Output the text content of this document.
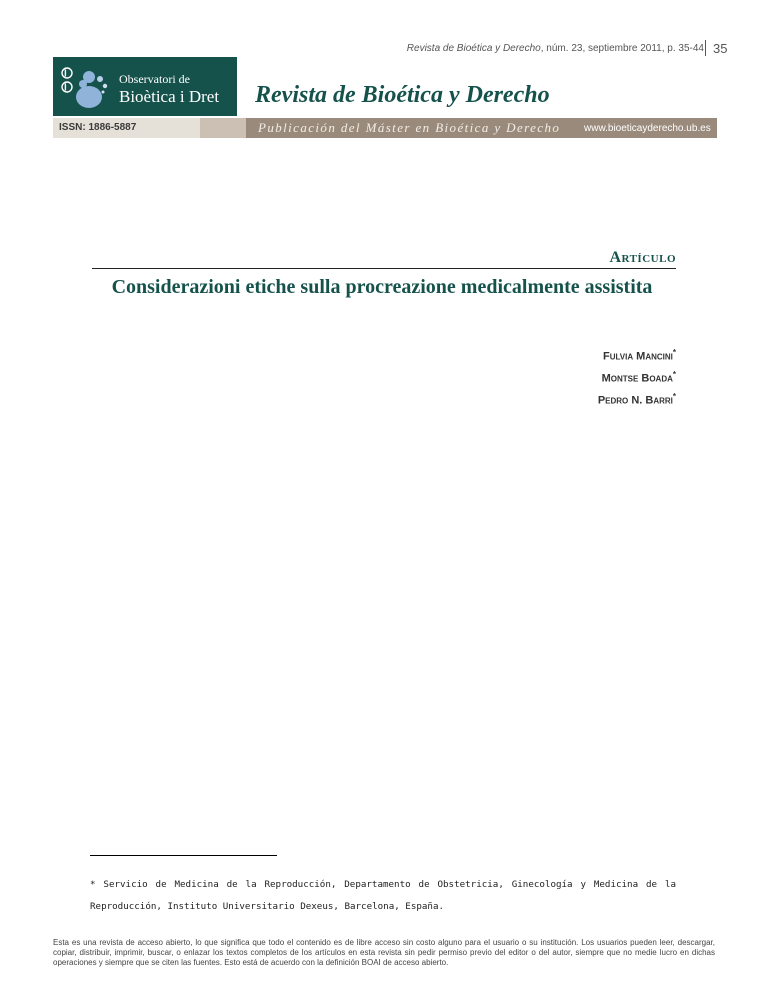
Revista de Bioética y Derecho, núm. 23, septiembre 2011, p. 35-44 35
Observatori de
Bioètica i Dret Revista de Bioética y Derecho
ISSN: 1886-5887	Publicación del Máster en Bioética y Derecho www.bioeticayderecho.ub.es
Artículo
Considerazioni etiche sulla procreazione medicalmente assistita
Fulvia Mancini*
Montse Boada*
Pedro N. Barri*
* Servicio de Medicina de la Reproducción, Departamento de Obstetricia, Ginecología y Medicina de la Reproducción, Instituto Universitario Dexeus, Barcelona, España.
Esta es una revista de acceso abierto, lo que significa que todo el contenido es de libre acceso sin costo alguno para el usuario o su institución. Los usuarios pueden leer, descargar, copiar, distribuir, imprimir, buscar, o enlazar los textos completos de los artículos en esta revista sin pedir permiso previo del editor o del autor, siempre que no medie lucro en dichas operaciones y siempre que se citen las fuentes. Esto está de acuerdo con la definición BOAI de acceso abierto.
